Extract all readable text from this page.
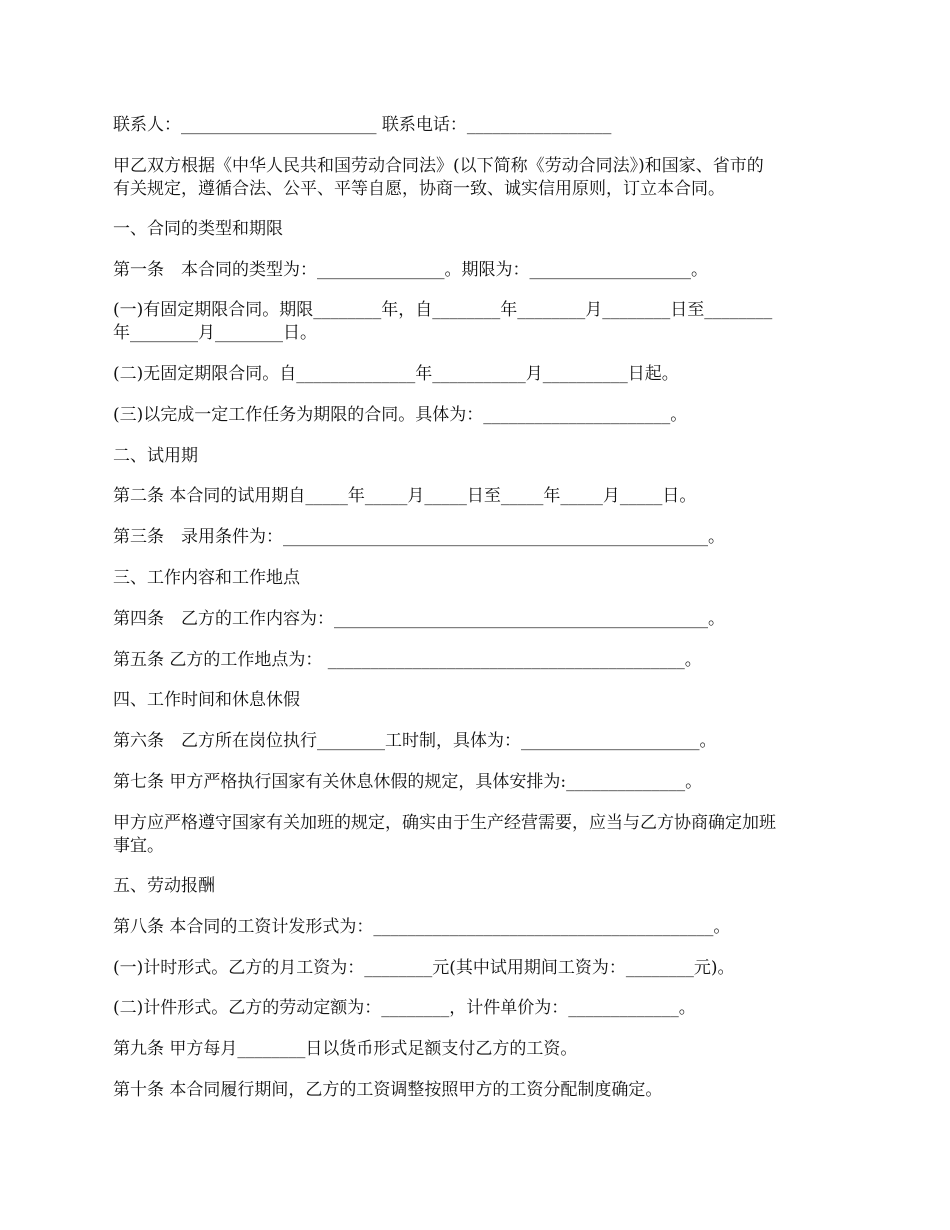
联系人：_______________________ 联系电话：_________________
甲乙双方根据《中华人民共和国劳动合同法》(以下简称《劳动合同法》)和国家、省市的
有关规定，遵循合法、公平、平等自愿，协商一致、诚实信用原则，订立本合同。
一、合同的类型和期限
第一条　本合同的类型为：_______________。期限为：___________________。
(一)有固定期限合同。期限________年，自________年________月________日至________
年________月________日。
(二)无固定期限合同。自______________年___________月__________日起。
(三)以完成一定工作任务为期限的合同。具体为：______________________。
二、试用期
第二条 本合同的试用期自_____年_____月_____日至_____年_____月_____日。
第三条　录用条件为：__________________________________________________。
三、工作内容和工作地点
第四条　乙方的工作内容为：____________________________________________。
第五条 乙方的工作地点为： __________________________________________。
四、工作时间和休息休假
第六条　乙方所在岗位执行________工时制，具体为：_____________________。
第七条 甲方严格执行国家有关休息休假的规定，具体安排为:______________。
甲方应严格遵守国家有关加班的规定，确实由于生产经营需要，应当与乙方协商确定加班
事宜。
五、劳动报酬
第八条 本合同的工资计发形式为：________________________________________。
(一)计时形式。乙方的月工资为：________元(其中试用期间工资为：________元)。
(二)计件形式。乙方的劳动定额为：________，计件单价为：_____________。
第九条 甲方每月________日以货币形式足额支付乙方的工资。
第十条 本合同履行期间，乙方的工资调整按照甲方的工资分配制度确定。
